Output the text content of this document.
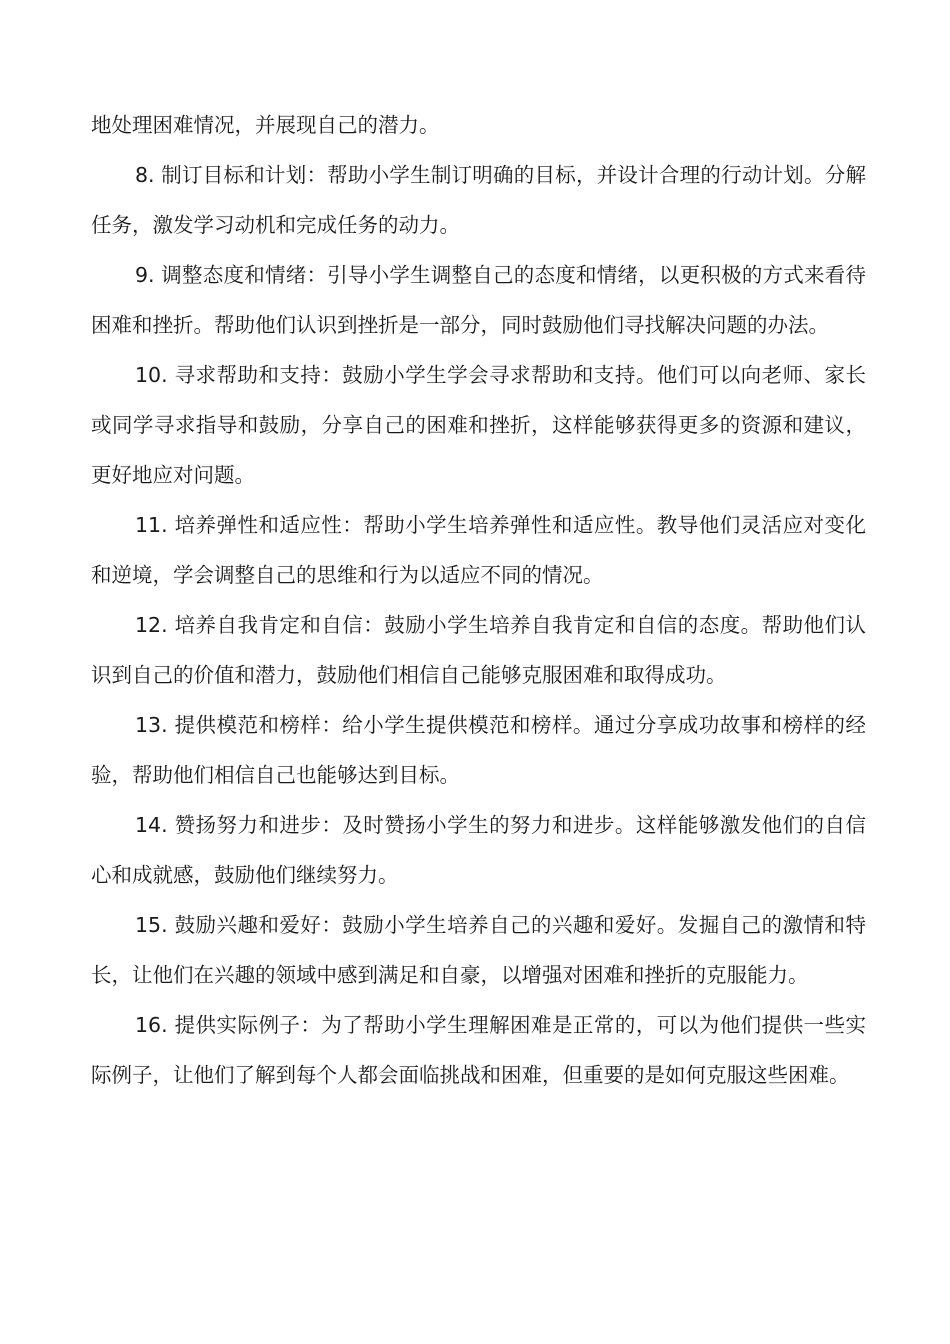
地处理困难情况，并展现自己的潜力。

8. 制订目标和计划：帮助小学生制订明确的目标，并设计合理的行动计划。分解任务，激发学习动机和完成任务的动力。

9. 调整态度和情绪：引导小学生调整自己的态度和情绪，以更积极的方式来看待困难和挫折。帮助他们认识到挫折是一部分，同时鼓励他们寻找解决问题的办法。

10. 寻求帮助和支持：鼓励小学生学会寻求帮助和支持。他们可以向老师、家长或同学寻求指导和鼓励，分享自己的困难和挫折，这样能够获得更多的资源和建议，更好地应对问题。

11. 培养弹性和适应性：帮助小学生培养弹性和适应性。教导他们灵活应对变化和逆境，学会调整自己的思维和行为以适应不同的情况。

12. 培养自我肯定和自信：鼓励小学生培养自我肯定和自信的态度。帮助他们认识到自己的价值和潜力，鼓励他们相信自己能够克服困难和取得成功。

13. 提供模范和榜样：给小学生提供模范和榜样。通过分享成功故事和榜样的经验，帮助他们相信自己也能够达到目标。

14. 赞扬努力和进步：及时赞扬小学生的努力和进步。这样能够激发他们的自信心和成就感，鼓励他们继续努力。

15. 鼓励兴趣和爱好：鼓励小学生培养自己的兴趣和爱好。发掘自己的激情和特长，让他们在兴趣的领域中感到满足和自豪，以增强对困难和挫折的克服能力。

16. 提供实际例子：为了帮助小学生理解困难是正常的，可以为他们提供一些实际例子，让他们了解到每个人都会面临挑战和困难，但重要的是如何克服这些困难。
